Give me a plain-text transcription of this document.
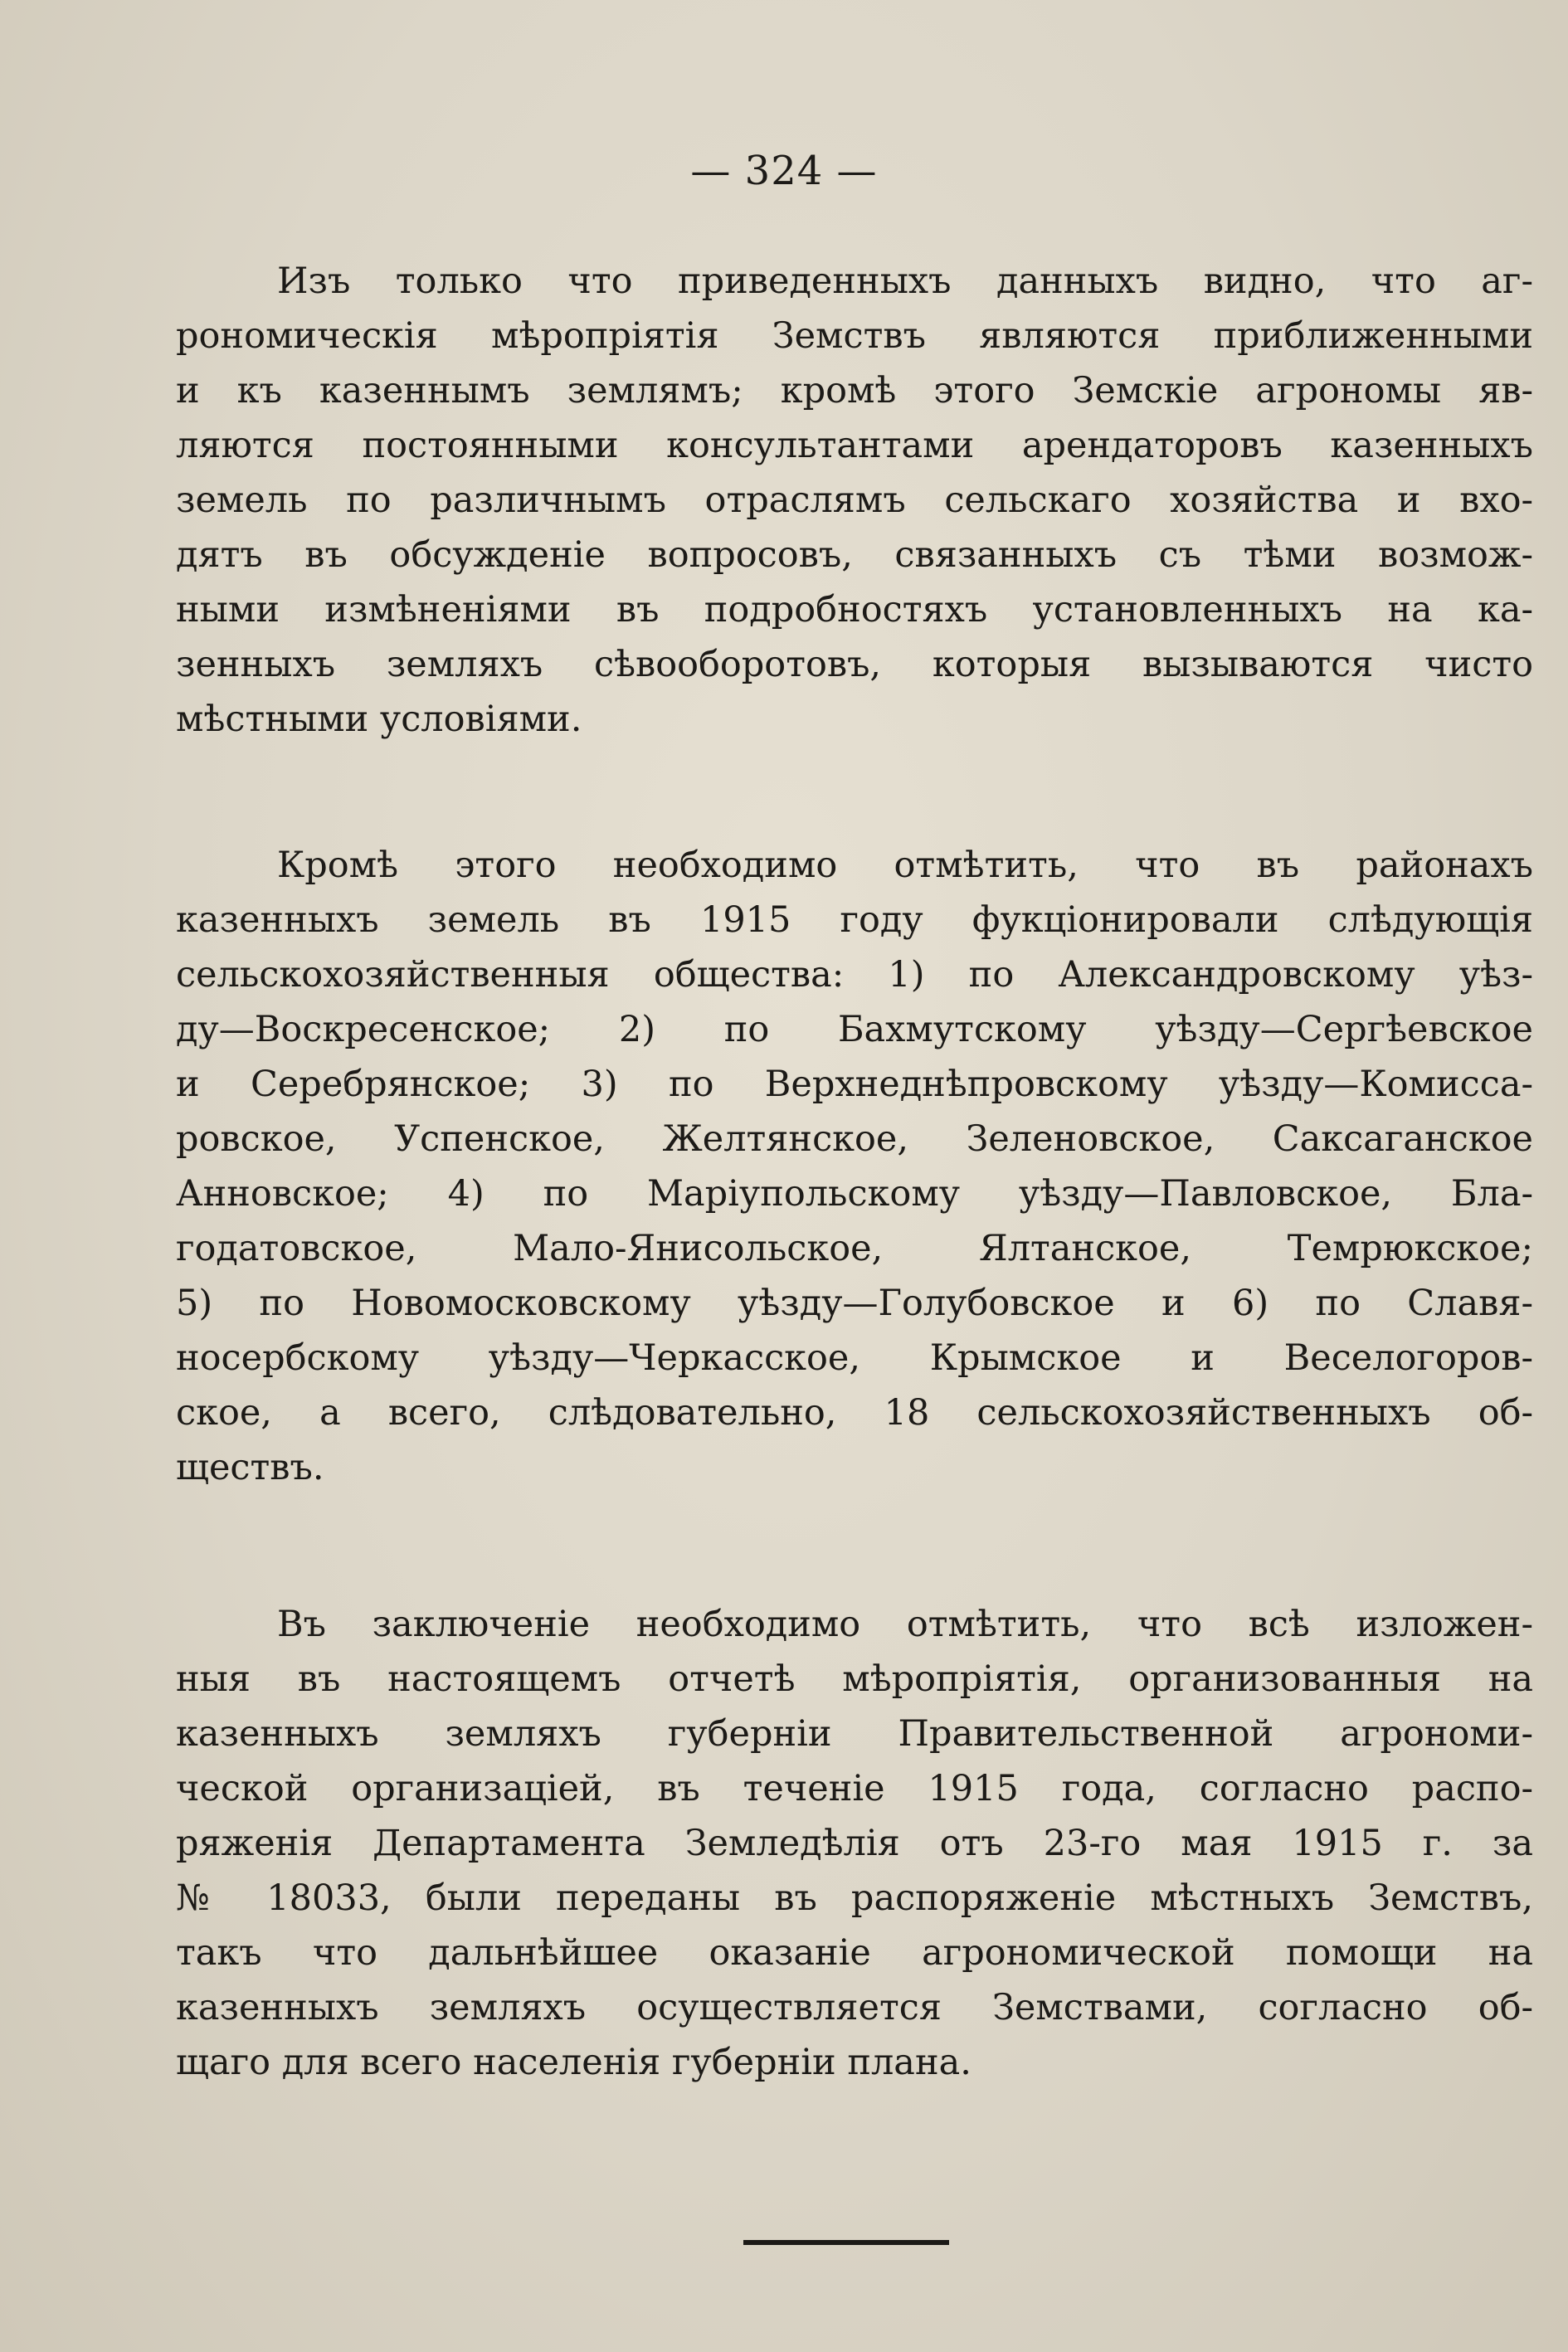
— 324 —
Изъ только что приведенныхъ данныхъ видно, что аг-
рономическія мѣропріятія Земствъ являются приближенными
и къ казеннымъ землямъ; кромѣ этого Земскіе агрономы яв-
ляются постоянными консультантами арендаторовъ казенныхъ
земель по различнымъ отраслямъ сельскаго хозяйства и вхо-
дятъ въ обсужденіе вопросовъ, связанныхъ съ тѣми возмож-
ными измѣненіями въ подробностяхъ установленныхъ на ка-
зенныхъ земляхъ сѣвооборотовъ, которыя вызываются чисто
мѣстными условіями.
Кромѣ этого необходимо отмѣтить, что въ районахъ
казенныхъ земель въ 1915 году фукціонировали слѣдующія
сельскохозяйственныя общества: 1) по Александровскому уѣз-
ду—Воскресенское; 2) по Бахмутскому уѣзду—Сергѣевское
и Серебрянское; 3) по Верхнеднѣпровскому уѣзду—Комисса-
ровское, Успенское, Желтянское, Зеленовское, Саксаганское
Анновское; 4) по Маріупольскому уѣзду—Павловское, Бла-
годатовское, Мало-Янисольское, Ялтанское, Темрюкское;
5) по Новомосковскому уѣзду—Голубовское и 6) по Славя-
носербскому уѣзду—Черкасское, Крымское и Веселогоров-
ское, а всего, слѣдовательно, 18 сельскохозяйственныхъ об-
ществъ.
Въ заключеніе необходимо отмѣтить, что всѣ изложен-
ныя въ настоящемъ отчетѣ мѣропріятія, организованныя на
казенныхъ земляхъ губерніи Правительственной агрономи-
ческой организаціей, въ теченіе 1915 года, согласно распо-
ряженія Департамента Земледѣлія отъ 23-го мая 1915 г. за
№ 18033, были переданы въ распоряженіе мѣстныхъ Земствъ,
такъ что дальнѣйшее оказаніе агрономической помощи на
казенныхъ земляхъ осуществляется Земствами, согласно об-
щаго для всего населенія губерніи плана.
